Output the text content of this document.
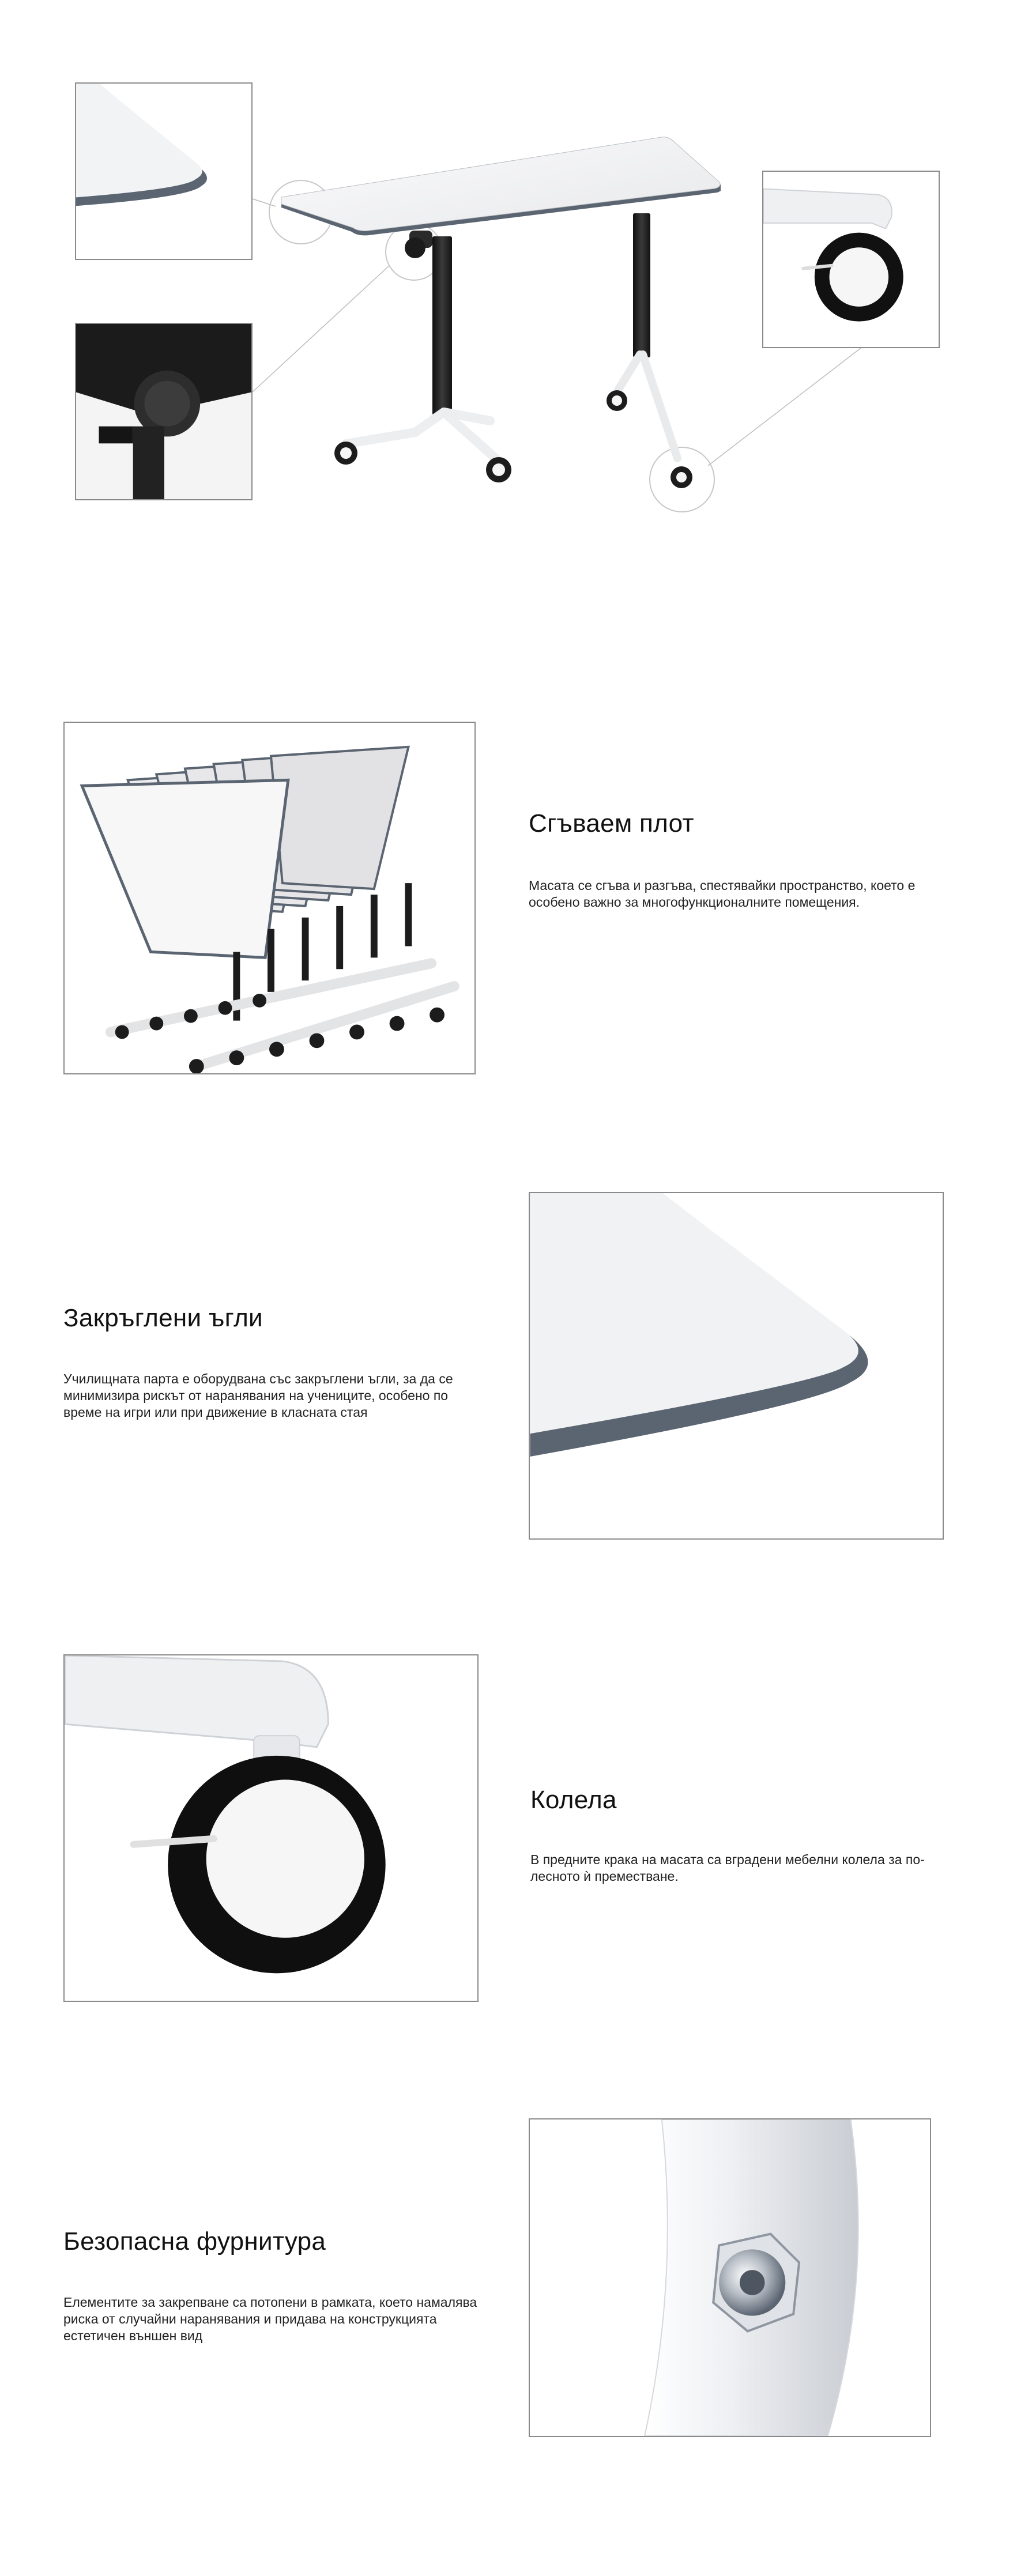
Сгъваем плот

Масата се сгъва и разгъва, спестявайки пространство, което е особено важно за многофункционалните помещения.

Закръглени ъгли

Училищната парта е оборудвана със закръглени ъгли, за да се минимизира рискът от наранявания на учениците, особено по време на игри или при движение в класната стая

Колела

В предните крака на масата са вградени мебелни колела за по-лесното ѝ преместване.

Безопасна фурнитура

Елементите за закрепване са потопени в рамката, което намалява риска от случайни наранявания и придава на конструкцията естетичен външен вид
